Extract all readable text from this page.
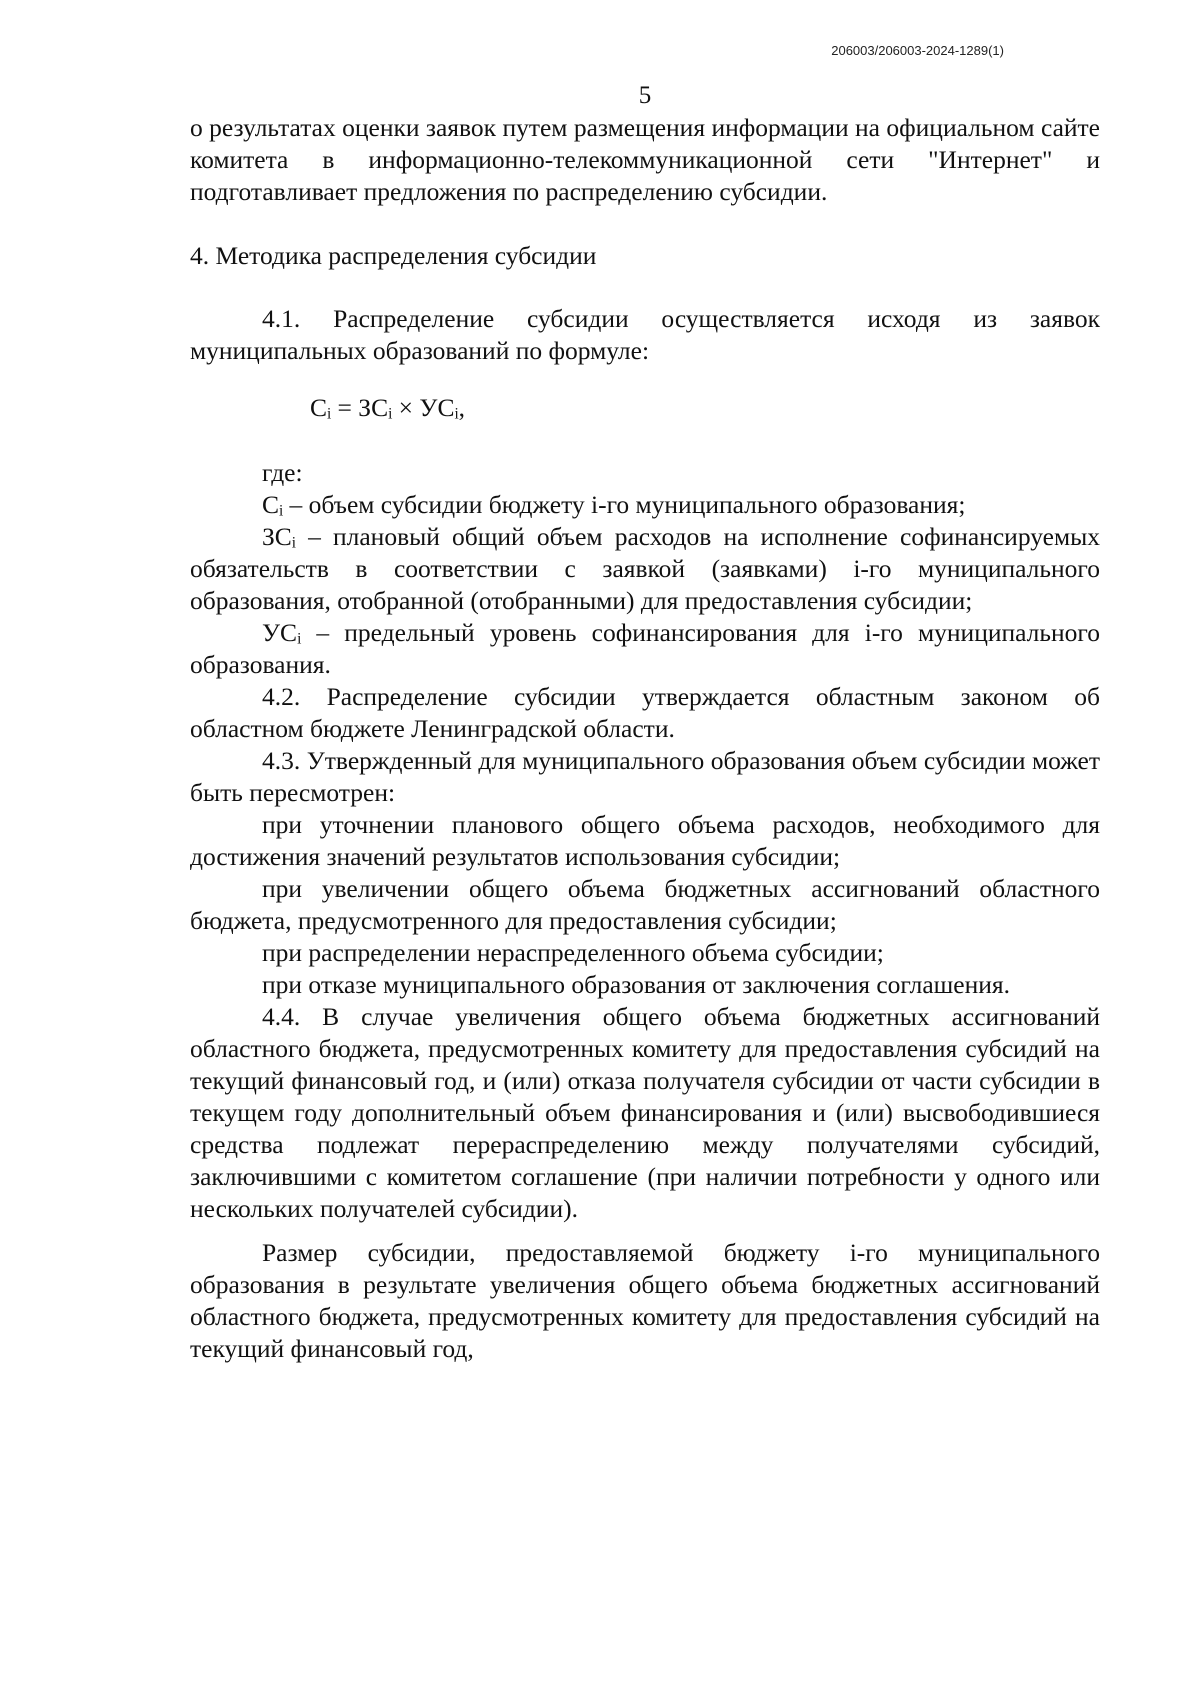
206003/206003-2024-1289(1)
5

о результатах оценки заявок путем размещения информации на официальном сайте комитета в информационно-телекоммуникационной сети "Интернет" и подготавливает предложения по распределению субсидии.

4. Методика распределения субсидии

4.1. Распределение субсидии осуществляется исходя из заявок муниципальных образований по формуле:

Cᵢ = ЗCᵢ × УCᵢ,

где:

Cᵢ – объем субсидии бюджету i-го муниципального образования;

ЗCᵢ – плановый общий объем расходов на исполнение софинансируемых обязательств в соответствии с заявкой (заявками) i-го муниципального образования, отобранной (отобранными) для предоставления субсидии;

УCᵢ – предельный уровень софинансирования для i-го муниципального образования.

4.2. Распределение субсидии утверждается областным законом об областном бюджете Ленинградской области.

4.3. Утвержденный для муниципального образования объем субсидии может быть пересмотрен:

при уточнении планового общего объема расходов, необходимого для достижения значений результатов использования субсидии;

при увеличении общего объема бюджетных ассигнований областного бюджета, предусмотренного для предоставления субсидии;

при распределении нераспределенного объема субсидии;

при отказе муниципального образования от заключения соглашения.

4.4. В случае увеличения общего объема бюджетных ассигнований областного бюджета, предусмотренных комитету для предоставления субсидий на текущий финансовый год, и (или) отказа получателя субсидии от части субсидии в текущем году дополнительный объем финансирования и (или) высвободившиеся средства подлежат перераспределению между получателями субсидий, заключившими с комитетом соглашение (при наличии потребности у одного или нескольких получателей субсидии).

Размер субсидии, предоставляемой бюджету i-го муниципального образования в результате увеличения общего объема бюджетных ассигнований областного бюджета, предусмотренных комитету для предоставления субсидий на текущий финансовый год,
